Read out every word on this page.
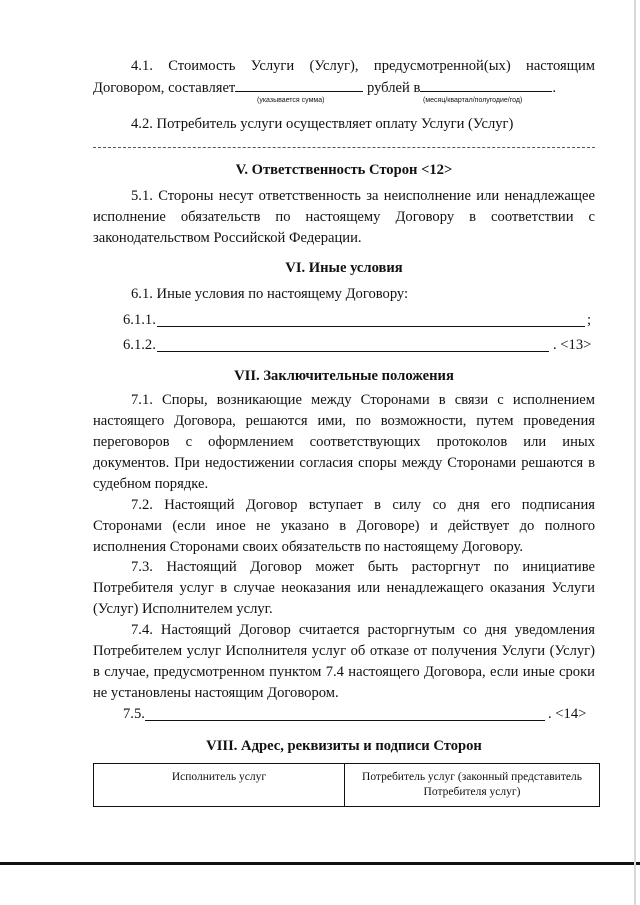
4.1. Стоимость Услуги (Услуг), предусмотренной(ых) настоящим

Договором, составляет	рублей в	.
(указывается сумма)	(месяц/квартал/полугодие/год)

4.2. Потребитель услуги осуществляет оплату Услуги (Услуг)

V. Ответственность Сторон <12>

5.1. Стороны несут ответственность за неисполнение или ненадлежащее исполнение обязательств по настоящему Договору в соответствии с законодательством Российской Федерации.

VI. Иные условия

6.1. Иные условия по настоящему Договору:

6.1.1.	;
6.1.2.	. <13>

VII. Заключительные положения

7.1. Споры, возникающие между Сторонами в связи с исполнением настоящего Договора, решаются ими, по возможности, путем проведения переговоров с оформлением соответствующих протоколов или иных документов. При недостижении согласия споры между Сторонами решаются в судебном порядке.

7.2. Настоящий Договор вступает в силу со дня его подписания Сторонами (если иное не указано в Договоре) и действует до полного исполнения Сторонами своих обязательств по настоящему Договору.

7.3. Настоящий Договор может быть расторгнут по инициативе Потребителя услуг в случае неоказания или ненадлежащего оказания Услуги (Услуг) Исполнителем услуг.

7.4. Настоящий Договор считается расторгнутым со дня уведомления Потребителем услуг Исполнителя услуг об отказе от получения Услуги (Услуг) в случае, предусмотренном пунктом 7.4 настоящего Договора, если иные сроки не установлены настоящим Договором.

7.5.	. <14>

VIII. Адрес, реквизиты и подписи Сторон

Исполнитель услуг	Потребитель услуг (законный представитель Потребителя услуг)
